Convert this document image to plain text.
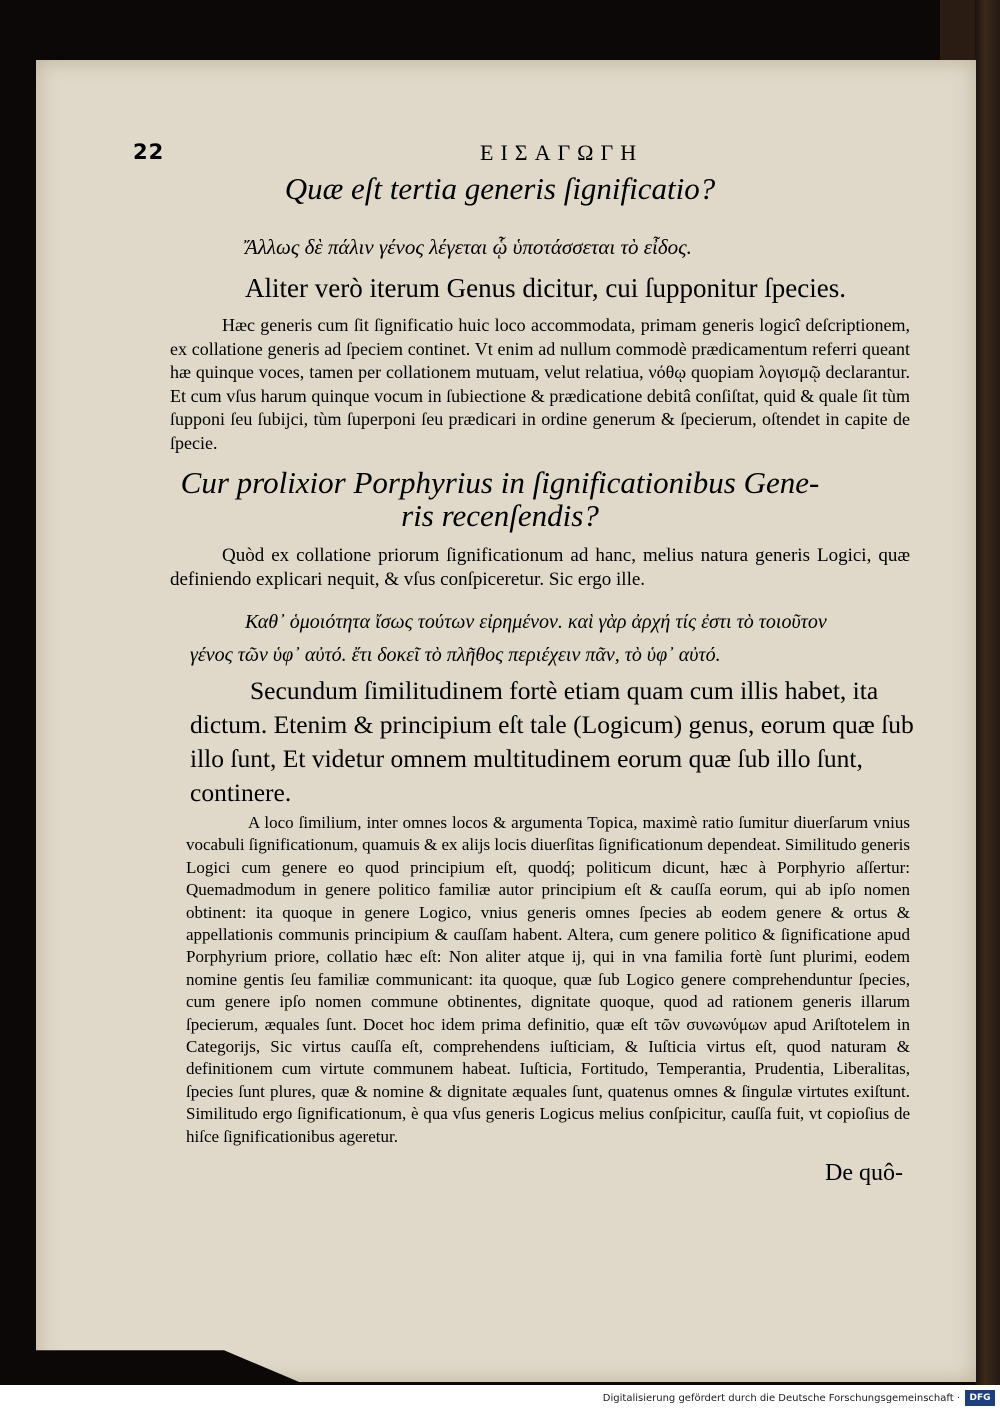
22	ΕΙΣΑΓΩΓΗ
Quæ eſt tertia generis ſignificatio?
Ἄλλως δὲ πάλιν γένος λέγεται ᾧ ὑποτάσσεται τὸ εἶδος.
Aliter verò iterum Genus dicitur, cui ſupponitur ſpecies.

Hæc generis cum ſit ſignificatio huic loco accommodata, primam generis logicî deſcriptionem, ex collatione generis ad ſpeciem continet. Vt enim ad nullum commodè prædicamentum referri queant hæ quinque voces, tamen per collationem mutuam, velut relatiua, νόθῳ quopiam λογισμῷ declarantur. Et cum vſus harum quinque vocum in ſubiectione & prædicatione debitâ conſiſtat, quid & quale ſit tùm ſupponi ſeu ſubijci, tùm ſuperponi ſeu prædicari in ordine generum & ſpecierum, oſtendet in capite de ſpecie.

Cur prolixior Porphyrius in ſignificationibus Gene-
ris recenſendis?

Quòd ex collatione priorum ſignificationum ad hanc, melius natura generis Logici, quæ definiendo explicari nequit, & vſus conſpiceretur. Sic ergo ille.

Καθ᾽ ὁμοιότητα ἴσως τούτων εἰρημένον. καὶ γὰρ ἀρχή τίς ἐστι τὸ τοιοῦτον
γένος τῶν ὑφ᾽ αὐτό. ἔτι δοκεῖ τὸ πλῆθος περιέχειν πᾶν, τὸ ὑφ᾽ αὐτό.
Secundum ſimilitudinem fortè etiam quam cum illis habet, ita
dictum. Etenim & principium eſt tale (Logicum) genus, eorum quæ ſub
illo ſunt, Et videtur omnem multitudinem eorum quæ ſub illo ſunt,
continere.

A loco ſimilium, inter omnes locos & argumenta Topica, maximè ratio ſumitur diuerſarum vnius vocabuli ſignificationum, quamuis & ex alijs locis diuerſitas ſignificationum dependeat. Similitudo generis Logici cum genere eo quod principium eſt, quodq́; politicum dicunt, hæc à Porphyrio aſſertur: Quemadmodum in genere politico familiæ autor principium eſt & cauſſa eorum, qui ab ipſo nomen obtinent: ita quoque in genere Logico, vnius generis omnes ſpecies ab eodem genere & ortus & appellationis communis principium & cauſſam habent. Altera, cum genere politico & ſignificatione apud Porphyrium priore, collatio hæc eſt: Non aliter atque ij, qui in vna familia fortè ſunt plurimi, eodem nomine gentis ſeu familiæ communicant: ita quoque, quæ ſub Logico genere comprehenduntur ſpecies, cum genere ipſo nomen commune obtinentes, dignitate quoque, quod ad rationem generis illarum ſpecierum, æquales ſunt. Docet hoc idem prima definitio, quæ eſt τῶν συνωνύμων apud Ariſtotelem in Categorijs, Sic virtus cauſſa eſt, comprehendens iuſticiam, & Iuſticia virtus eſt, quod naturam & definitionem cum virtute communem habeat. Iuſticia, Fortitudo, Temperantia, Prudentia, Liberalitas, ſpecies ſunt plures, quæ & nomine & dignitate æquales ſunt, quatenus omnes & ſingulæ virtutes exiſtunt. Similitudo ergo ſignificationum, è qua vſus generis Logicus melius conſpicitur, cauſſa fuit, vt copioſius de hiſce ſignificationibus ageretur.

De quô-
Digitalisierung gefördert durch die Deutsche Forschungsgemeinschaft ·	DFG
